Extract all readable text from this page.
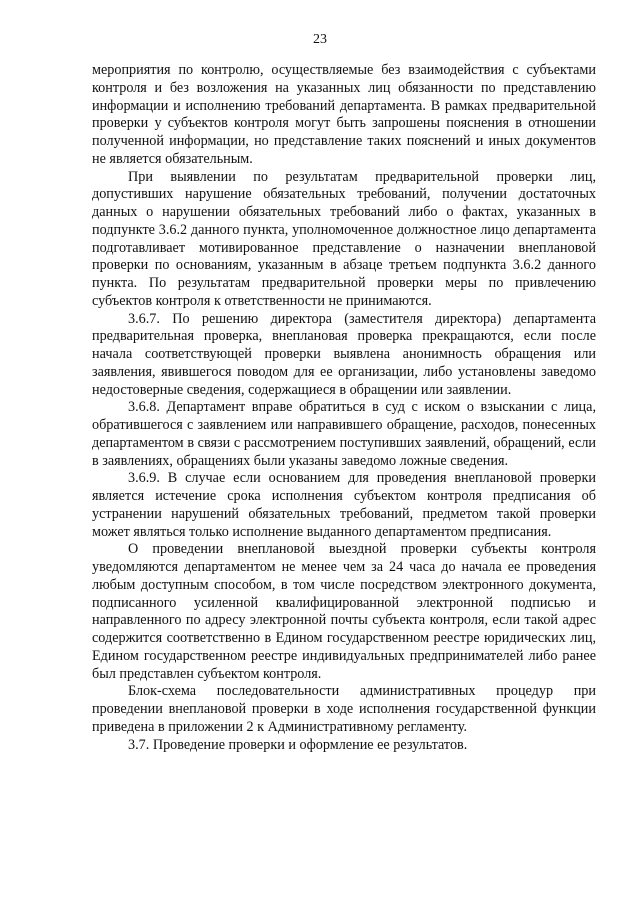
23

мероприятия по контролю, осуществляемые без взаимодействия с субъектами контроля и без возложения на указанных лиц обязанности по представлению информации и исполнению требований департамента. В рамках предварительной проверки у субъектов контроля могут быть запрошены пояснения в отношении полученной информации, но представление таких пояснений и иных документов не является обязательным.

При выявлении по результатам предварительной проверки лиц, допустивших нарушение обязательных требований, получении достаточных данных о нарушении обязательных требований либо о фактах, указанных в подпункте 3.6.2 данного пункта, уполномоченное должностное лицо департамента подготавливает мотивированное представление о назначении внеплановой проверки по основаниям, указанным в абзаце третьем подпункта 3.6.2 данного пункта. По результатам предварительной проверки меры по привлечению субъектов контроля к ответственности не принимаются.

3.6.7. По решению директора (заместителя директора) департамента предварительная проверка, внеплановая проверка прекращаются, если после начала соответствующей проверки выявлена анонимность обращения или заявления, явившегося поводом для ее организации, либо установлены заведомо недостоверные сведения, содержащиеся в обращении или заявлении.

3.6.8. Департамент вправе обратиться в суд с иском о взыскании с лица, обратившегося с заявлением или направившего обращение, расходов, понесенных департаментом в связи с рассмотрением поступивших заявлений, обращений, если в заявлениях, обращениях были указаны заведомо ложные сведения.

3.6.9. В случае если основанием для проведения внеплановой проверки является истечение срока исполнения субъектом контроля предписания об устранении нарушений обязательных требований, предметом такой проверки может являться только исполнение выданного департаментом предписания.

О проведении внеплановой выездной проверки субъекты контроля уведомляются департаментом не менее чем за 24 часа до начала ее проведения любым доступным способом, в том числе посредством электронного документа, подписанного усиленной квалифицированной электронной подписью и направленного по адресу электронной почты субъекта контроля, если такой адрес содержится соответственно в Едином государственном реестре юридических лиц, Едином государственном реестре индивидуальных предпринимателей либо ранее был представлен субъектом контроля.

Блок-схема последовательности административных процедур при проведении внеплановой проверки в ходе исполнения государственной функции приведена в приложении 2 к Административному регламенту.

3.7. Проведение проверки и оформление ее результатов.
